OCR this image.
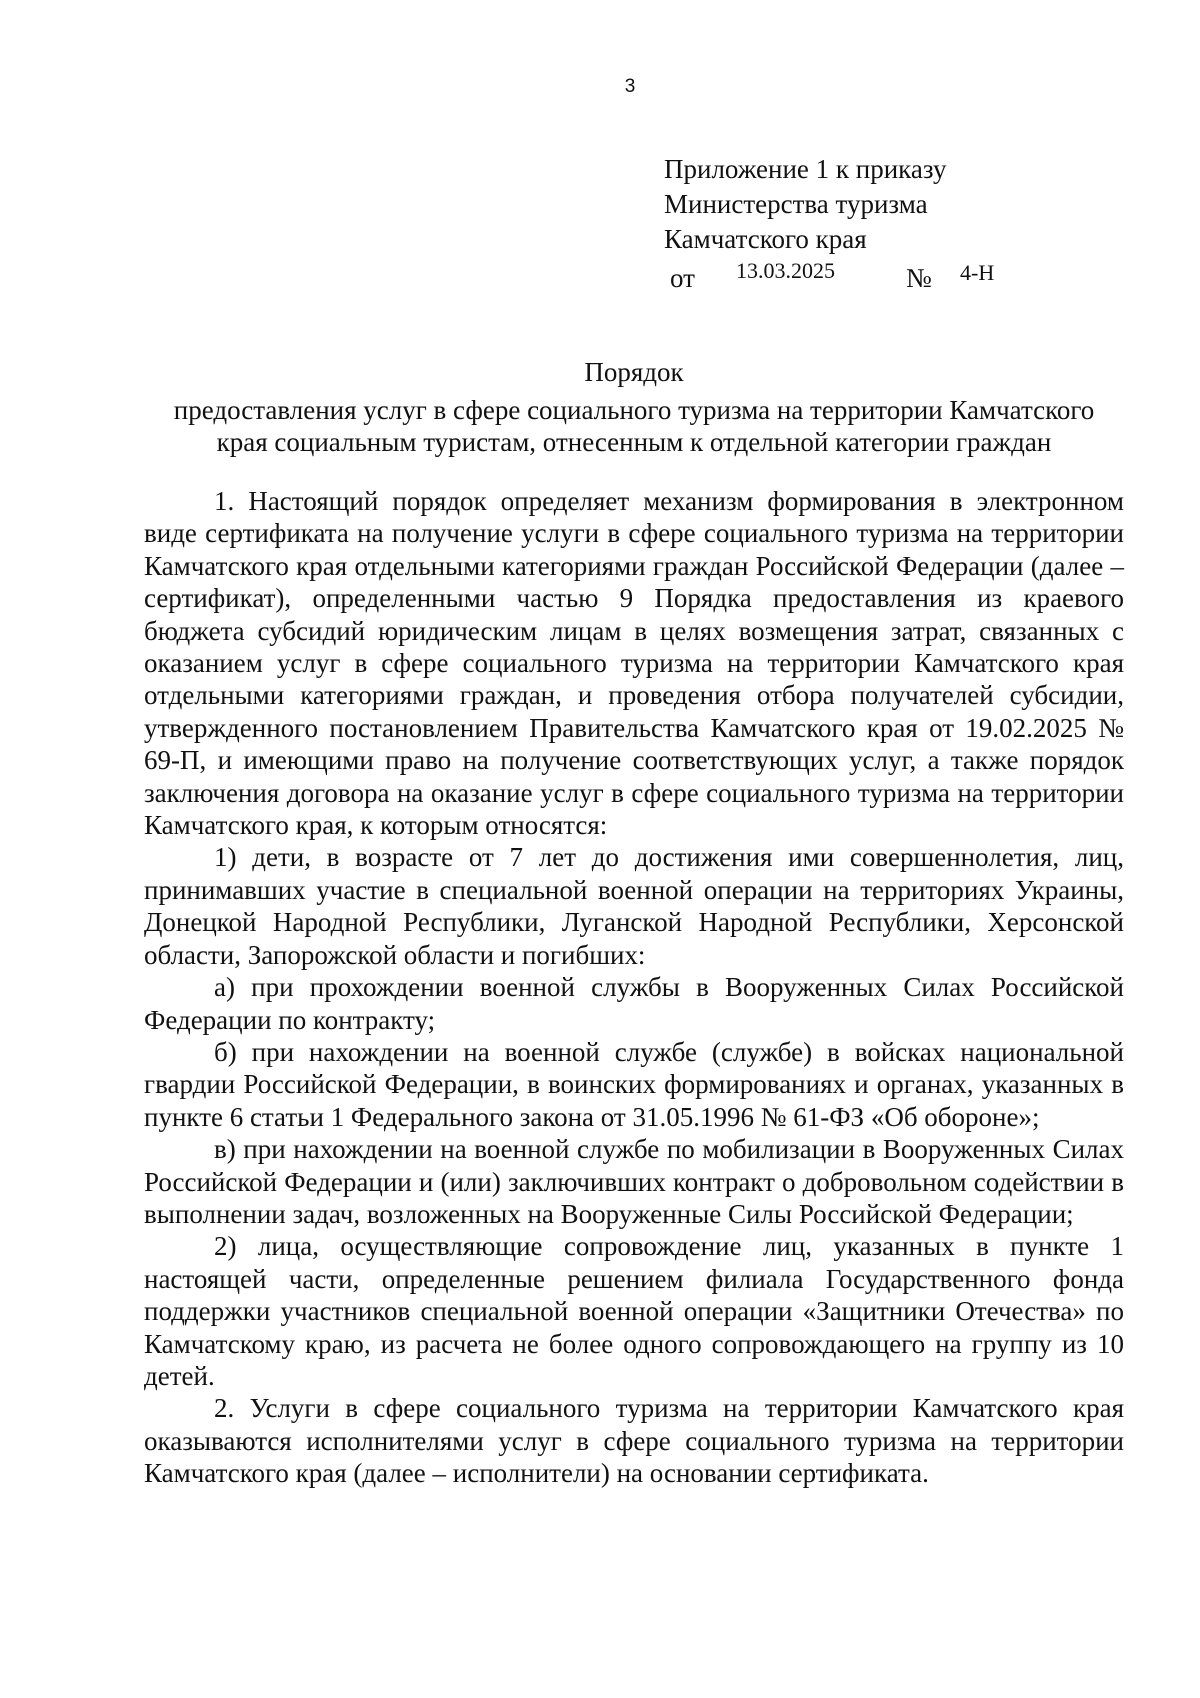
3
Приложение 1 к приказу
Министерства туризма
Камчатского края
от 13.03.2025	№ 4-Н
Порядок
предоставления услуг в сфере социального туризма на территории Камчатского
края социальным туристам, отнесенным к отдельной категории граждан

1. Настоящий порядок определяет механизм формирования в электронном виде сертификата на получение услуги в сфере социального туризма на территории Камчатского края отдельными категориями граждан Российской Федерации (далее – сертификат), определенными частью 9 Порядка предоставления из краевого бюджета субсидий юридическим лицам в целях возмещения затрат, связанных с оказанием услуг в сфере социального туризма на территории Камчатского края отдельными категориями граждан, и проведения отбора получателей субсидии, утвержденного постановлением Правительства Камчатского края от 19.02.2025 № 69-П, и имеющими право на получение соответствующих услуг, а также порядок заключения договора на оказание услуг в сфере социального туризма на территории Камчатского края, к которым относятся:

1) дети, в возрасте от 7 лет до достижения ими совершеннолетия, лиц, принимавших участие в специальной военной операции на территориях Украины, Донецкой Народной Республики, Луганской Народной Республики, Херсонской области, Запорожской области и погибших:

а) при прохождении военной службы в Вооруженных Силах Российской Федерации по контракту;

б) при нахождении на военной службе (службе) в войсках национальной гвардии Российской Федерации, в воинских формированиях и органах, указанных в пункте 6 статьи 1 Федерального закона от 31.05.1996 № 61-ФЗ «Об обороне»;

в) при нахождении на военной службе по мобилизации в Вооруженных Силах Российской Федерации и (или) заключивших контракт о добровольном содействии в выполнении задач, возложенных на Вооруженные Силы Российской Федерации;

2) лица, осуществляющие сопровождение лиц, указанных в пункте 1 настоящей части, определенные решением филиала Государственного фонда поддержки участников специальной военной операции «Защитники Отечества» по Камчатскому краю, из расчета не более одного сопровождающего на группу из 10 детей.

2. Услуги в сфере социального туризма на территории Камчатского края оказываются исполнителями услуг в сфере социального туризма на территории Камчатского края (далее – исполнители) на основании сертификата.
